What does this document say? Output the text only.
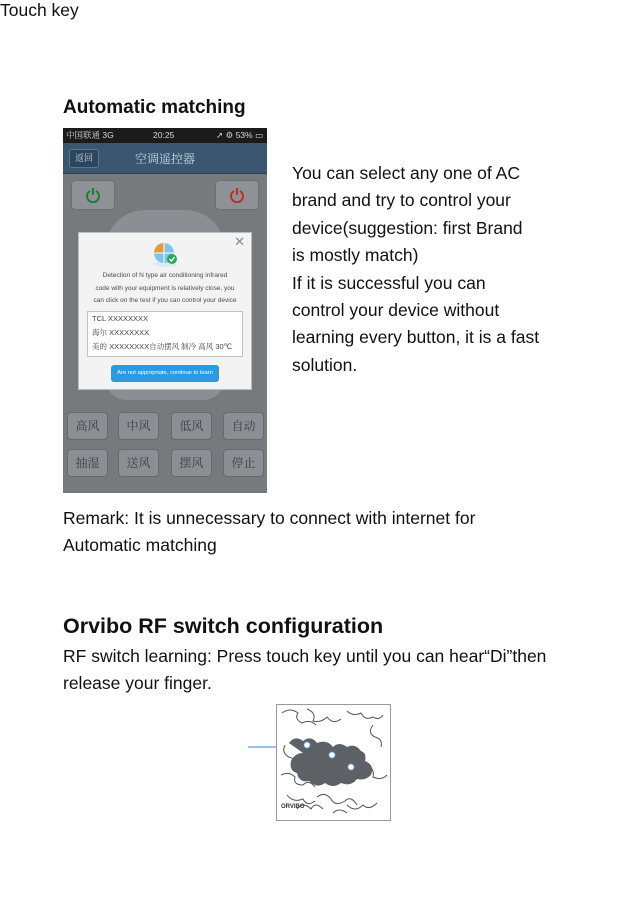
Automatic matching
中国联通 3G	20:25	➚ ⚙ 53% ▭
返回	空调遥控器
高风	中风	低风	自动
抽湿	送风	摆风	停止
✕
Detection of N type air conditioning infrared
code with your equipment is relatively close, you
can click on the test if you can control your device
TCL XXXXXXXX
海尔 XXXXXXXX
美的 XXXXXXXX自动摆风 制冷 高风 30℃
Are not appropriate, continue to learn
You can select any one of AC
brand and try to control your
device(suggestion: first Brand
is mostly match)
If it is successful you can
control your device without
learning every button, it is a fast
solution.
Remark: It is unnecessary to connect with internet for
Automatic matching
Orvibo RF switch configuration
RF switch learning: Press touch key until you can hear“Di”then
release your finger.
Touch key
ORVIBO
